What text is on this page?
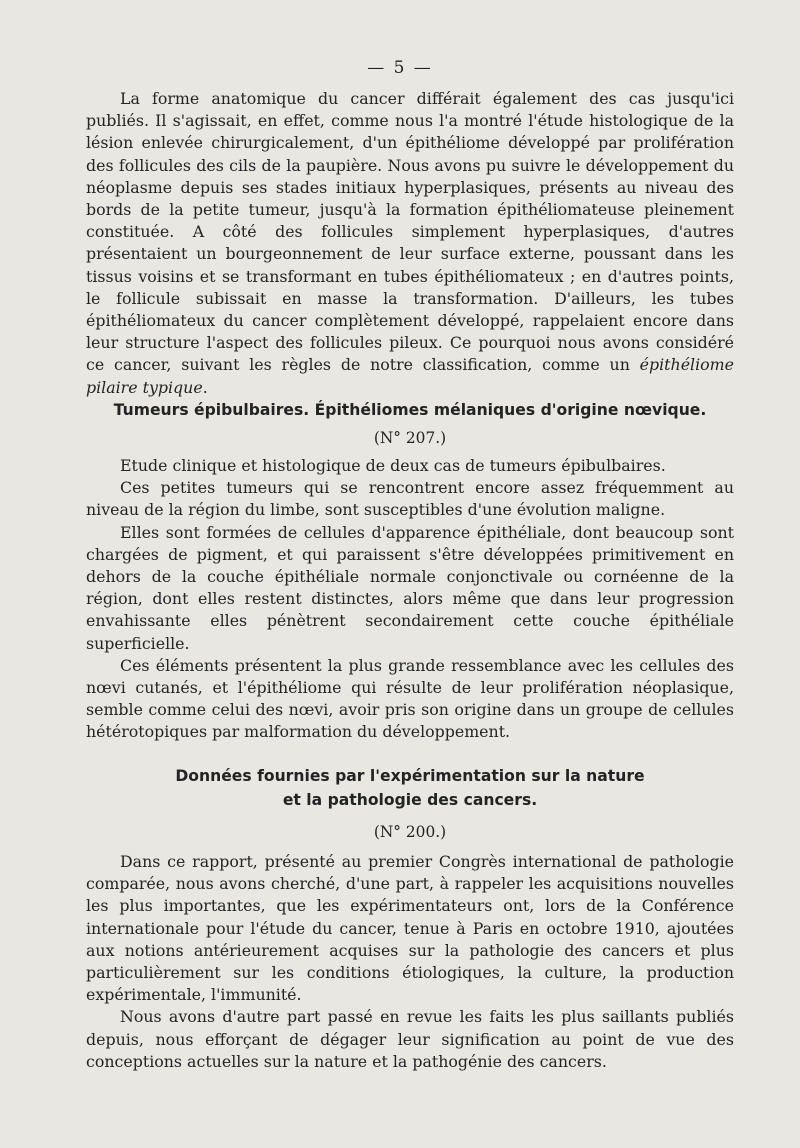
— 5 —

La forme anatomique du cancer différait également des cas jusqu'ici publiés. Il s'agissait, en effet, comme nous l'a montré l'étude histologique de la lésion enlevée chirurgicalement, d'un épithéliome développé par prolifération des follicules des cils de la paupière. Nous avons pu suivre le développement du néoplasme depuis ses stades initiaux hyperplasiques, présents au niveau des bords de la petite tumeur, jusqu'à la formation épithéliomateuse pleinement constituée. A côté des follicules simplement hyperplasiques, d'autres présentaient un bourgeonnement de leur surface externe, poussant dans les tissus voisins et se transformant en tubes épithéliomateux ; en d'autres points, le follicule subissait en masse la transformation. D'ailleurs, les tubes épithéliomateux du cancer complètement développé, rappelaient encore dans leur structure l'aspect des follicules pileux. Ce pourquoi nous avons considéré ce cancer, suivant les règles de notre classification, comme un épithéliome pilaire typique.

Tumeurs épibulbaires. Épithéliomes mélaniques d'origine nœvique.

(N° 207.)

Etude clinique et histologique de deux cas de tumeurs épibulbaires.

Ces petites tumeurs qui se rencontrent encore assez fréquemment au niveau de la région du limbe, sont susceptibles d'une évolution maligne.

Elles sont formées de cellules d'apparence épithéliale, dont beaucoup sont chargées de pigment, et qui paraissent s'être développées primitivement en dehors de la couche épithéliale normale conjonctivale ou cornéenne de la région, dont elles restent distinctes, alors même que dans leur progression envahissante elles pénètrent secondairement cette couche épithéliale superficielle.

Ces éléments présentent la plus grande ressemblance avec les cellules des nœvi cutanés, et l'épithéliome qui résulte de leur prolifération néoplasique, semble comme celui des nœvi, avoir pris son origine dans un groupe de cellules hétérotopiques par malformation du développement.

Données fournies par l'expérimentation sur la nature
et la pathologie des cancers.

(N° 200.)

Dans ce rapport, présenté au premier Congrès international de pathologie comparée, nous avons cherché, d'une part, à rappeler les acquisitions nouvelles les plus importantes, que les expérimentateurs ont, lors de la Conférence internationale pour l'étude du cancer, tenue à Paris en octobre 1910, ajoutées aux notions antérieurement acquises sur la pathologie des cancers et plus particulièrement sur les conditions étiologiques, la culture, la production expérimentale, l'immunité.

Nous avons d'autre part passé en revue les faits les plus saillants publiés depuis, nous efforçant de dégager leur signification au point de vue des conceptions actuelles sur la nature et la pathogénie des cancers.
